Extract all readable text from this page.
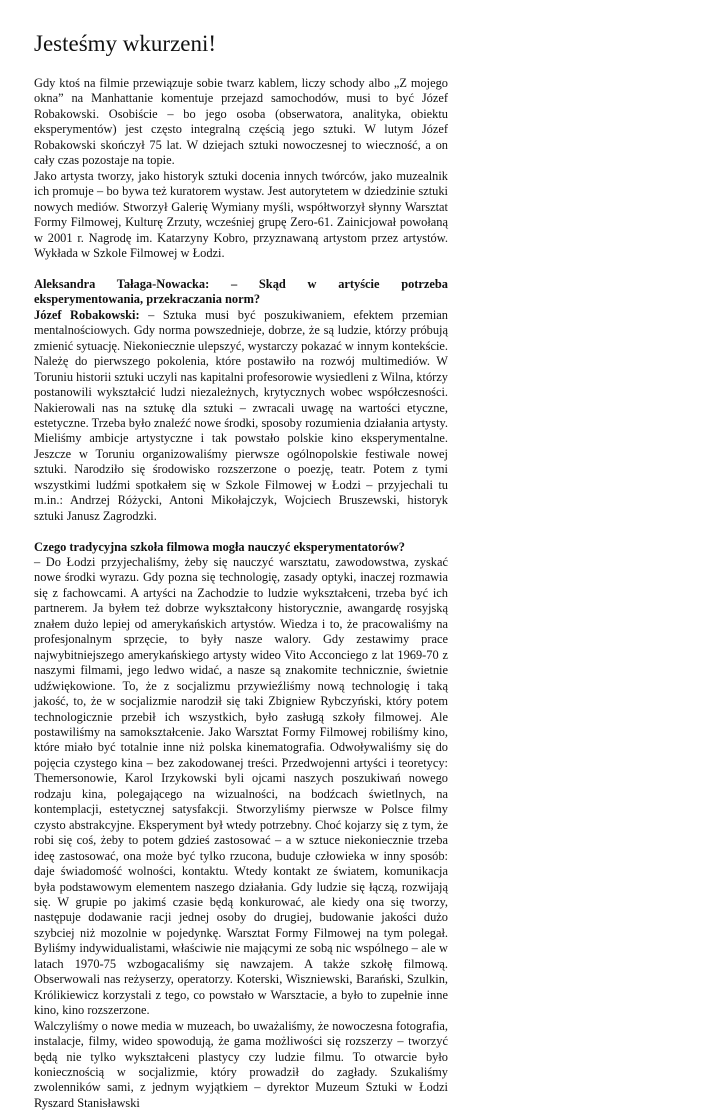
Jesteśmy wkurzeni!

Gdy ktoś na filmie przewiązuje sobie twarz kablem, liczy schody albo „Z mojego okna” na Manhattanie komentuje przejazd samochodów, musi to być Józef Robakowski. Osobiście – bo jego osoba (obserwatora, analityka, obiektu eksperymentów) jest często integralną częścią jego sztuki. W lutym Józef Robakowski skończył 75 lat. W dziejach sztuki nowoczesnej to wieczność, a on cały czas pozostaje na topie.

Jako artysta tworzy, jako historyk sztuki docenia innych twórców, jako muzealnik ich promuje – bo bywa też kuratorem wystaw. Jest autorytetem w dziedzinie sztuki nowych mediów. Stworzył Galerię Wymiany myśli, współtworzył słynny Warsztat Formy Filmowej, Kulturę Zrzuty, wcześniej grupę Zero-61. Zainicjował powołaną w 2001 r. Nagrodę im. Katarzyny Kobro, przyznawaną artystom przez artystów. Wykłada w Szkole Filmowej w Łodzi.

Aleksandra Tałaga-Nowacka: – Skąd w artyście potrzeba eksperymentowania, przekraczania norm?

Józef Robakowski: – Sztuka musi być poszukiwaniem, efektem przemian mentalnościowych. Gdy norma powszednieje, dobrze, że są ludzie, którzy próbują zmienić sytuację. Niekoniecznie ulepszyć, wystarczy pokazać w innym kontekście. Należę do pierwszego pokolenia, które postawiło na rozwój multimediów. W Toruniu historii sztuki uczyli nas kapitalni profesorowie wysiedleni z Wilna, którzy postanowili wykształcić ludzi niezależnych, krytycznych wobec współczesności. Nakierowali nas na sztukę dla sztuki – zwracali uwagę na wartości etyczne, estetyczne. Trzeba było znaleźć nowe środki, sposoby rozumienia działania artysty. Mieliśmy ambicje artystyczne i tak powstało polskie kino eksperymentalne. Jeszcze w Toruniu organizowaliśmy pierwsze ogólnopolskie festiwale nowej sztuki. Narodziło się środowisko rozszerzone o poezję, teatr. Potem z tymi wszystkimi ludźmi spotkałem się w Szkole Filmowej w Łodzi – przyjechali tu m.in.: Andrzej Różycki, Antoni Mikołajczyk, Wojciech Bruszewski, historyk sztuki Janusz Zagrodzki.

Czego tradycyjna szkoła filmowa mogła nauczyć eksperymentatorów?

– Do Łodzi przyjechaliśmy, żeby się nauczyć warsztatu, zawodowstwa, zyskać nowe środki wyrazu. Gdy pozna się technologię, zasady optyki, inaczej rozmawia się z fachowcami. A artyści na Zachodzie to ludzie wykształceni, trzeba być ich partnerem. Ja byłem też dobrze wykształcony historycznie, awangardę rosyjską znałem dużo lepiej od amerykańskich artystów. Wiedza i to, że pracowaliśmy na profesjonalnym sprzęcie, to były nasze walory. Gdy zestawimy prace najwybitniejszego amerykańskiego artysty wideo Vito Acconciego z lat 1969-70 z naszymi filmami, jego ledwo widać, a nasze są znakomite technicznie, świetnie udźwiękowione. To, że z socjalizmu przywieźliśmy nową technologię i taką jakość, to, że w socjalizmie narodził się taki Zbigniew Rybczyński, który potem technologicznie przebił ich wszystkich, było zasługą szkoły filmowej. Ale postawiliśmy na samokształcenie. Jako Warsztat Formy Filmowej robiliśmy kino, które miało być totalnie inne niż polska kinematografia. Odwoływaliśmy się do pojęcia czystego kina – bez zakodowanej treści. Przedwojenni artyści i teoretycy: Themersonowie, Karol Irzykowski byli ojcami naszych poszukiwań nowego rodzaju kina, polegającego na wizualności, na bodźcach świetlnych, na kontemplacji, estetycznej satysfakcji. Stworzyliśmy pierwsze w Polsce filmy czysto abstrakcyjne. Eksperyment był wtedy potrzebny. Choć kojarzy się z tym, że robi się coś, żeby to potem gdzieś zastosować – a w sztuce niekoniecznie trzeba ideę zastosować, ona może być tylko rzucona, buduje człowieka w inny sposób: daje świadomość wolności, kontaktu. Wtedy kontakt ze światem, komunikacja była podstawowym elementem naszego działania. Gdy ludzie się łączą, rozwijają się. W grupie po jakimś czasie będą konkurować, ale kiedy ona się tworzy, następuje dodawanie racji jednej osoby do drugiej, budowanie jakości dużo szybciej niż mozolnie w pojedynkę. Warsztat Formy Filmowej na tym polegał. Byliśmy indywidualistami, właściwie nie mającymi ze sobą nic wspólnego – ale w latach 1970-75 wzbogacaliśmy się nawzajem. A także szkołę filmową. Obserwowali nas reżyserzy, operatorzy. Koterski, Wiszniewski, Barański, Szulkin, Królikiewicz korzystali z tego, co powstało w Warsztacie, a było to zupełnie inne kino, kino rozszerzone.

Walczyliśmy o nowe media w muzeach, bo uważaliśmy, że nowoczesna fotografia, instalacje, filmy, wideo spowodują, że gama możliwości się rozszerzy – tworzyć będą nie tylko wykształceni plastycy czy ludzie filmu. To otwarcie było koniecznością w socjalizmie, który prowadził do zagłady. Szukaliśmy zwolenników sami, z jednym wyjątkiem – dyrektor Muzeum Sztuki w Łodzi Ryszard Stanisławski
